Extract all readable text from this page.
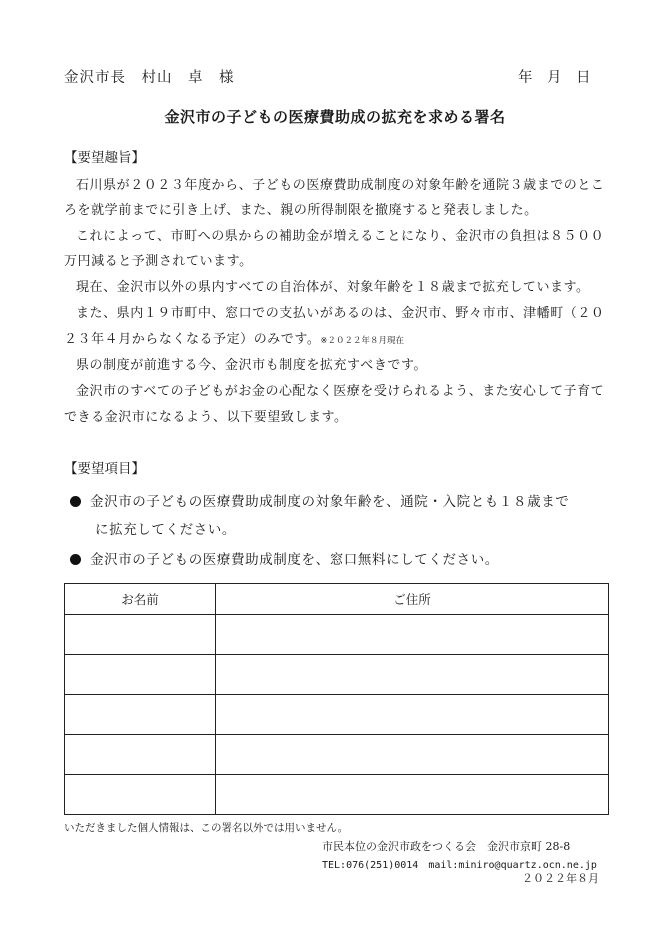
金沢市長　村山　卓　様	年　月　日
金沢市の子どもの医療費助成の拡充を求める署名
【要望趣旨】
石川県が２０２３年度から、子どもの医療費助成制度の対象年齢を通院３歳までのとこ
ろを就学前までに引き上げ、また、親の所得制限を撤廃すると発表しました。
これによって、市町への県からの補助金が増えることになり、金沢市の負担は８５００
万円減ると予測されています。
現在、金沢市以外の県内すべての自治体が、対象年齢を１８歳まで拡充しています。
また、県内１９市町中、窓口での支払いがあるのは、金沢市、野々市市、津幡町（２０
２３年４月からなくなる予定）のみです。※２０２２年８月現在
県の制度が前進する今、金沢市も制度を拡充すべきです。
金沢市のすべての子どもがお金の心配なく医療を受けられるよう、また安心して子育て
できる金沢市になるよう、以下要望致します。
【要望項目】
金沢市の子どもの医療費助成制度の対象年齢を、通院・入院とも１８歳まで
に拡充してください。
金沢市の子どもの医療費助成制度を、窓口無料にしてください。
お名前	ご住所

いただきました個人情報は、この署名以外では用いません。
市民本位の金沢市政をつくる会　金沢市京町 28-8
TEL:076(251)0014　mail:miniro@quartz.ocn.ne.jp
２０２２年８月
